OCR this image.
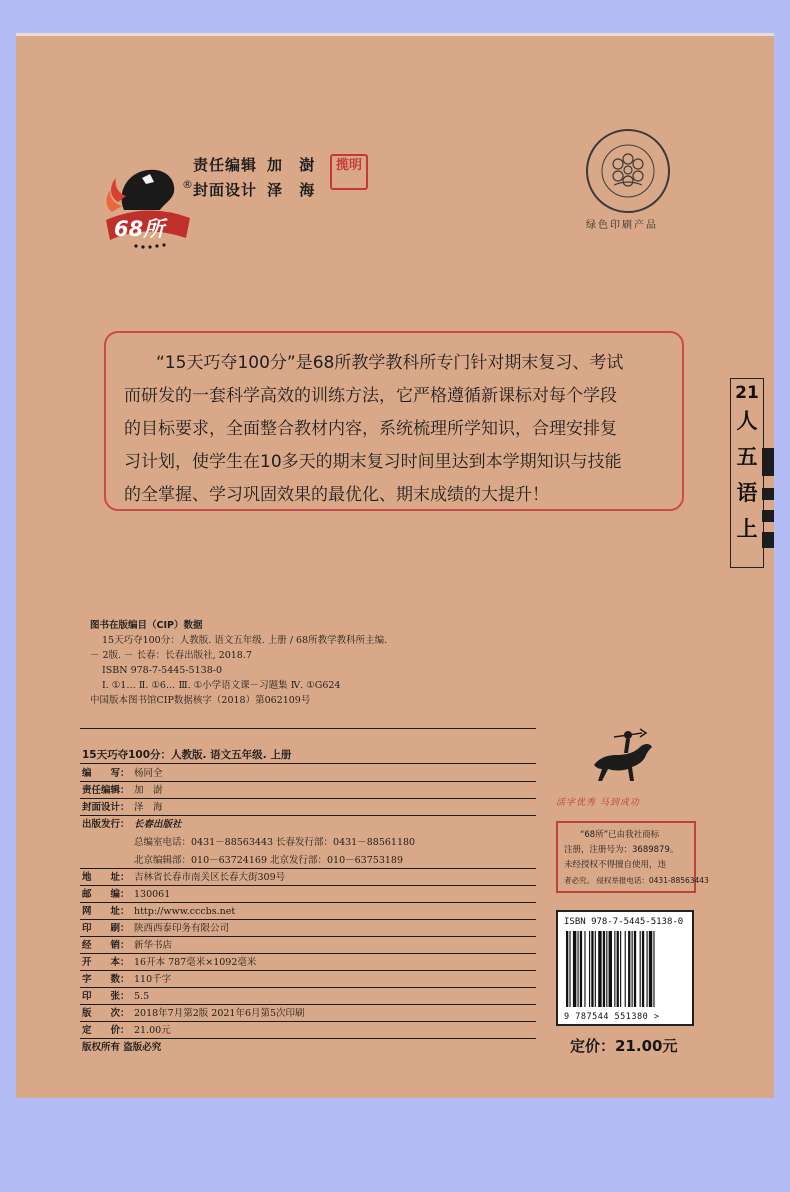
68所
®
责任编辑 加 澍
封面设计 泽 海
揽明
绿色印刷产品
“15天巧夺100分”是68所教学教科所专门针对期末复习、考试
而研发的一套科学高效的训练方法，它严格遵循新课标对每个学段
的目标要求，全面整合教材内容，系统梳理所学知识，合理安排复
习计划，使学生在10多天的期末复习时间里达到本学期知识与技能
的全掌握、学习巩固效果的最优化、期末成绩的大提升！
21
人
五
语
上
图书在版编目（CIP）数据
15天巧夺100分：人教版. 语文五年级. 上册 / 68所教学教科所主编.
－ 2版. － 长春：长春出版社, 2018.7
ISBN 978-7-5445-5138-0
Ⅰ. ①1… Ⅱ. ①6… Ⅲ. ①小学语文课－习题集 Ⅳ. ①G624
中国版本图书馆CIP数据核字（2018）第062109号
15天巧夺100分：人教版. 语文五年级. 上册
编　　写： 杨同全
责任编辑： 加　澍
封面设计： 泽　海
出版发行： 长春出版社
总编室电话：0431－88563443 长春发行部：0431－88561180
北京编辑部：010－63724169 北京发行部：010－63753189
地　　址： 吉林省长春市南关区长春大街309号
邮　　编： 130061
网　　址： http://www.cccbs.net
印　　刷： 陕西西泰印务有限公司
经　　销： 新华书店
开　　本： 16开本 787毫米×1092毫米
字　　数： 110千字
印　　张： 5.5
版　　次： 2018年7月第2版 2021年6月第5次印刷
定　　价： 21.00元
版权所有 盗版必究
活字优秀 马到成功
“68所”已由我社商标
注册，注册号为：3689879。
未经授权不得擅自使用，违
者必究。 侵权举报电话：0431-88563443
ISBN 978-7-5445-5138-0
9 787544 551380 >
定价：21.00元
